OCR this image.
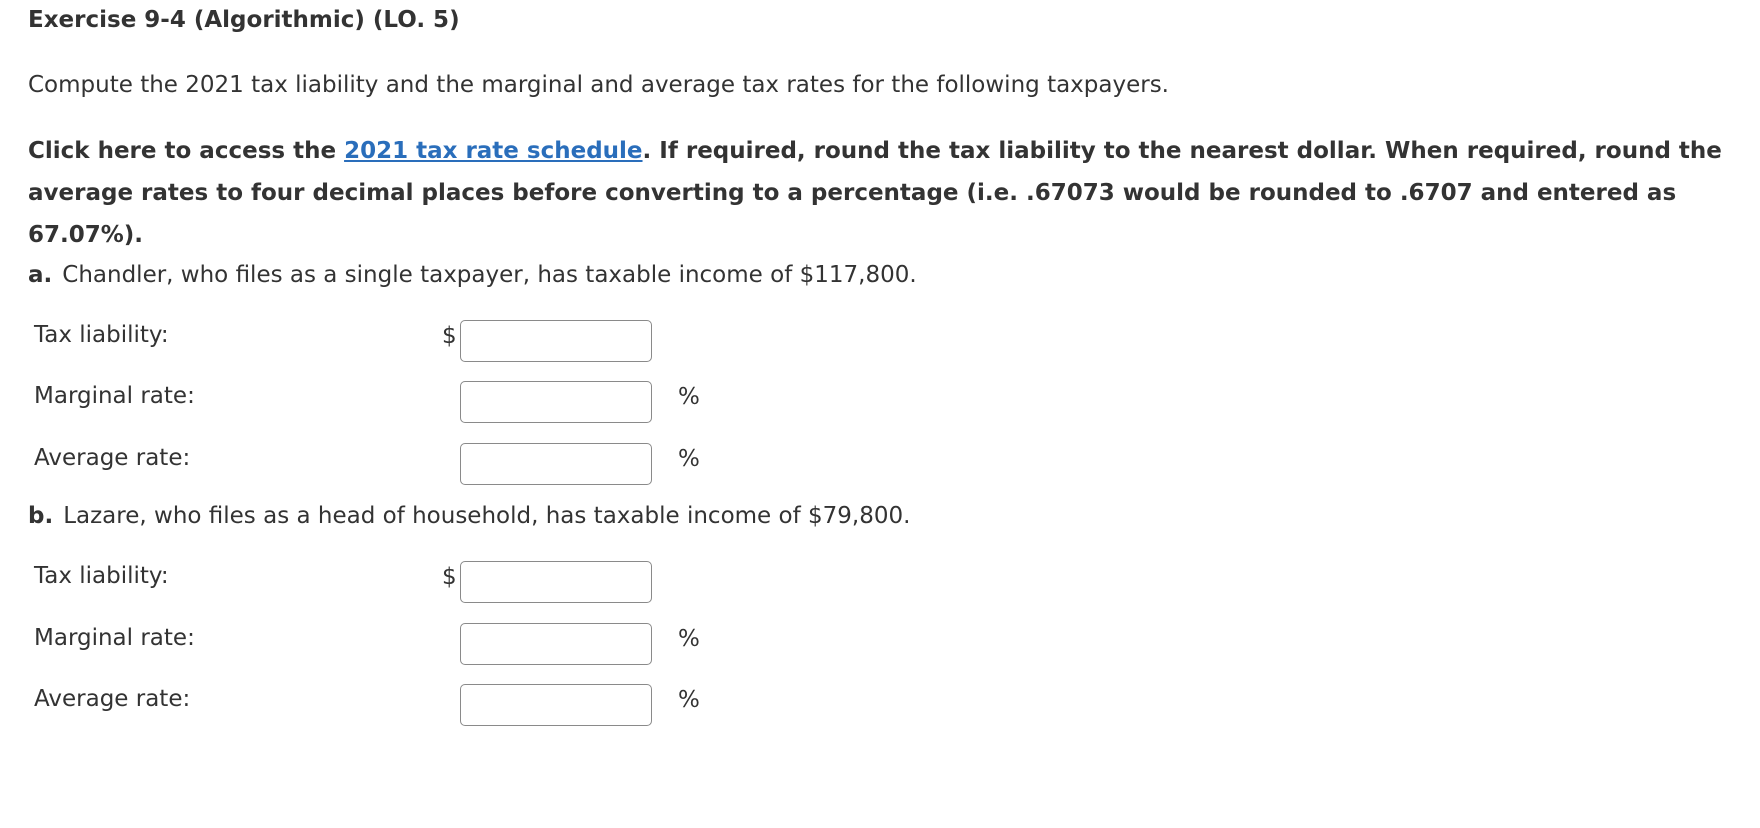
Exercise 9-4 (Algorithmic) (LO. 5)
Compute the 2021 tax liability and the marginal and average tax rates for the following taxpayers.
Click here to access the 2021 tax rate schedule. If required, round the tax liability to the nearest dollar. When required, round the average rates to four decimal places before converting to a percentage (i.e. .67073 would be rounded to .6707 and entered as 67.07%).
a. Chandler, who files as a single taxpayer, has taxable income of $117,800.
Tax liability:	$
Marginal rate:	%
Average rate:	%
b. Lazare, who files as a head of household, has taxable income of $79,800.
Tax liability:	$
Marginal rate:	%
Average rate:	%
